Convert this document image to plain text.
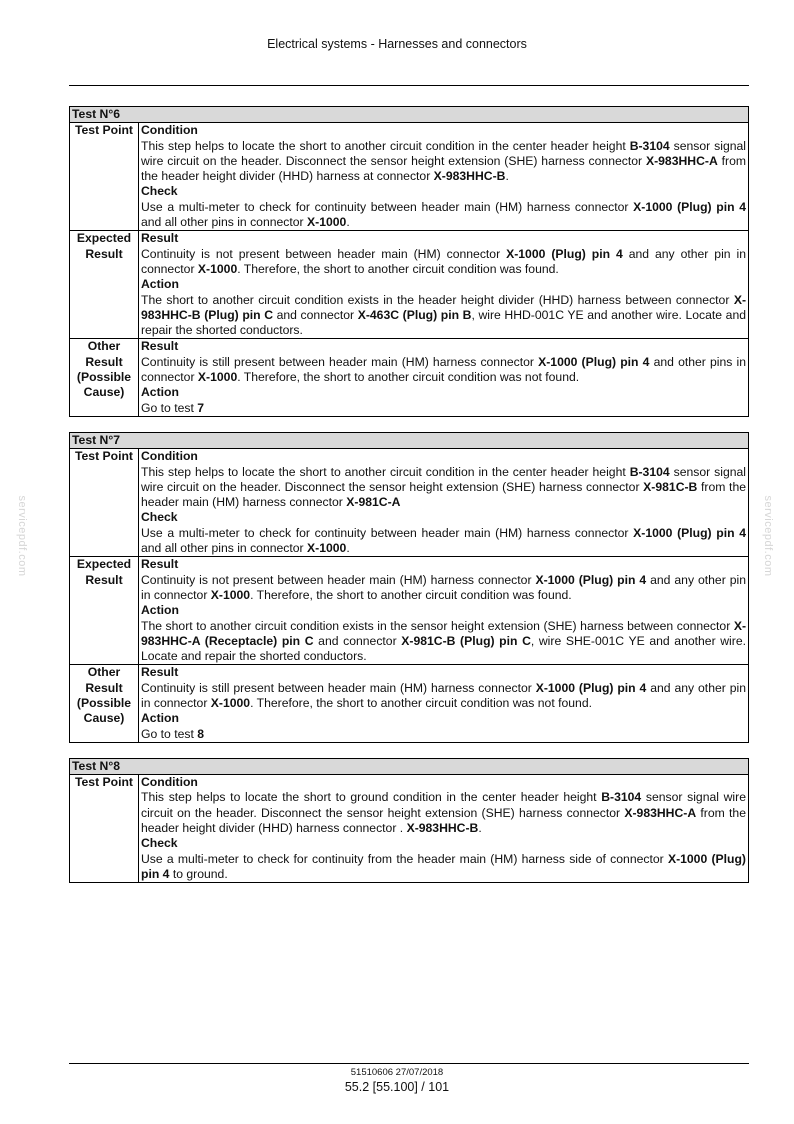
Electrical systems - Harnesses and connectors
servicepdf.com	servicepdf.com
Test N°6	
Test Point	Condition
This step helps to locate the short to another circuit condition in the center header height B-3104 sensor signal wire circuit on the header. Disconnect the sensor height extension (SHE) harness connector X-983HHC-A from the header height divider (HHD) harness at connector X-983HHC-B.
Check
Use a multi-meter to check for continuity between header main (HM) harness connector X-1000 (Plug) pin 4 and all other pins in connector X-1000.

Expected Result	Result
Continuity is not present between header main (HM) connector X-1000 (Plug) pin 4 and any other pin in connector X-1000. Therefore, the short to another circuit condition was found.
Action
The short to another circuit condition exists in the header height divider (HHD) harness between connector X-983HHC-B (Plug) pin C and connector X-463C (Plug) pin B, wire HHD-001C YE and another wire. Locate and repair the shorted conductors.

Other Result (Possible Cause)	Result
Continuity is still present between header main (HM) harness connector X-1000 (Plug) pin 4 and other pins in connector X-1000. Therefore, the short to another circuit condition was not found.
Action
Go to test 7
Test N°7	
Test Point	Condition
This step helps to locate the short to another circuit condition in the center header height B-3104 sensor signal wire circuit on the header. Disconnect the sensor height extension (SHE) harness connector X-981C-B from the header main (HM) harness connector X-981C-A
Check
Use a multi-meter to check for continuity between header main (HM) harness connector X-1000 (Plug) pin 4 and all other pins in connector X-1000.

Expected Result	Result
Continuity is not present between header main (HM) harness connector X-1000 (Plug) pin 4 and any other pin in connector X-1000. Therefore, the short to another circuit condition was found.
Action
The short to another circuit condition exists in the sensor height extension (SHE) harness between connector X-983HHC-A (Receptacle) pin C and connector X-981C-B (Plug) pin C, wire SHE-001C YE and another wire. Locate and repair the shorted conductors.

Other Result (Possible Cause)	Result
Continuity is still present between header main (HM) harness connector X-1000 (Plug) pin 4 and any other pin in connector X-1000. Therefore, the short to another circuit condition was not found.
Action
Go to test 8
Test N°8
Test Point	Condition
This step helps to locate the short to ground condition in the center header height B-3104 sensor signal wire circuit on the header. Disconnect the sensor height extension (SHE) harness connector X-983HHC-A from the header height divider (HHD) harness connector . X-983HHC-B.
Check
Use a multi-meter to check for continuity from the header main (HM) harness side of connector X-1000 (Plug) pin 4 to ground.
51510606 27/07/2018
55.2 [55.100] / 101
